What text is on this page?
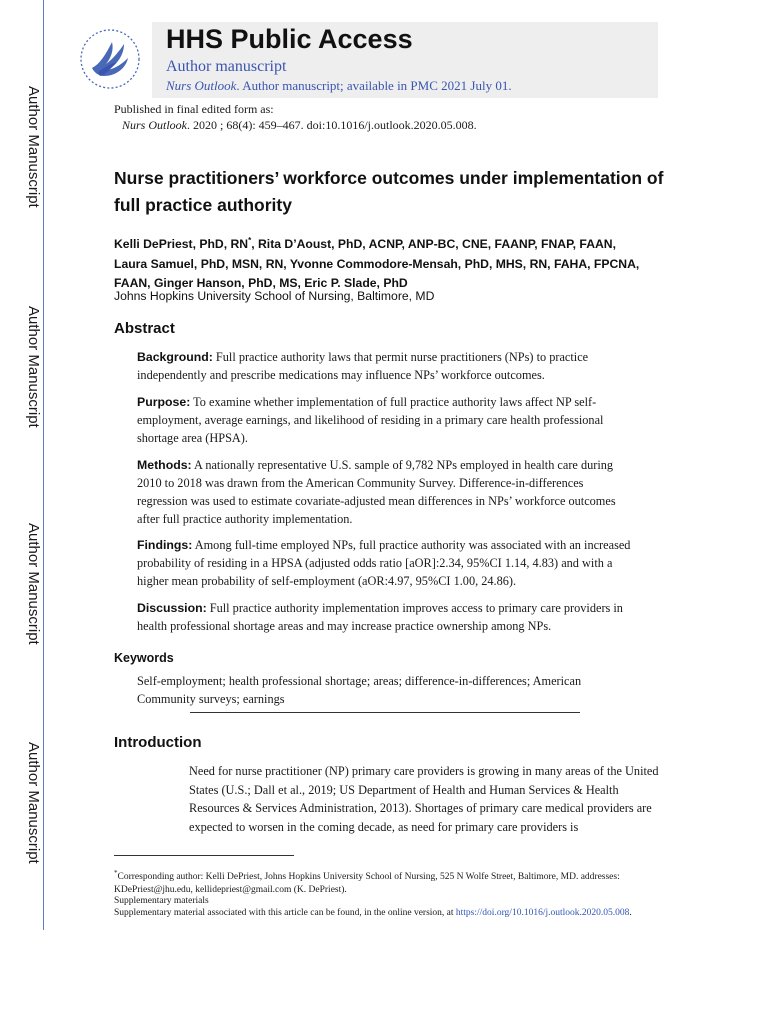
Author Manuscript
Author Manuscript
Author Manuscript
Author Manuscript
HHS Public Access
Author manuscript
Nurs Outlook. Author manuscript; available in PMC 2021 July 01.
Published in final edited form as:
Nurs Outlook. 2020 ; 68(4): 459–467. doi:10.1016/j.outlook.2020.05.008.
Nurse practitioners’ workforce outcomes under implementation of full practice authority
Kelli DePriest, PhD, RN*, Rita D’Aoust, PhD, ACNP, ANP-BC, CNE, FAANP, FNAP, FAAN,
Laura Samuel, PhD, MSN, RN, Yvonne Commodore-Mensah, PhD, MHS, RN, FAHA, FPCNA,
FAAN, Ginger Hanson, PhD, MS, Eric P. Slade, PhD
Johns Hopkins University School of Nursing, Baltimore, MD
Abstract
Background: Full practice authority laws that permit nurse practitioners (NPs) to practice independently and prescribe medications may influence NPs’ workforce outcomes.
Purpose: To examine whether implementation of full practice authority laws affect NP self-employment, average earnings, and likelihood of residing in a primary care health professional shortage area (HPSA).
Methods: A nationally representative U.S. sample of 9,782 NPs employed in health care during 2010 to 2018 was drawn from the American Community Survey. Difference-in-differences regression was used to estimate covariate-adjusted mean differences in NPs’ workforce outcomes after full practice authority implementation.
Findings: Among full-time employed NPs, full practice authority was associated with an increased probability of residing in a HPSA (adjusted odds ratio [aOR]:2.34, 95%CI 1.14, 4.83) and with a higher mean probability of self-employment (aOR:4.97, 95%CI 1.00, 24.86).
Discussion: Full practice authority implementation improves access to primary care providers in health professional shortage areas and may increase practice ownership among NPs.
Keywords
Self-employment; health professional shortage; areas; difference-in-differences; American Community surveys; earnings
Introduction
Need for nurse practitioner (NP) primary care providers is growing in many areas of the United States (U.S.; Dall et al., 2019; US Department of Health and Human Services & Health Resources & Services Administration, 2013). Shortages of primary care medical providers are expected to worsen in the coming decade, as need for primary care providers is
*Corresponding author: Kelli DePriest, Johns Hopkins University School of Nursing, 525 N Wolfe Street, Baltimore, MD. addresses: KDePriest@jhu.edu, kellidepriest@gmail.com (K. DePriest).
Supplementary materials
Supplementary material associated with this article can be found, in the online version, at https://doi.org/10.1016/j.outlook.2020.05.008.
